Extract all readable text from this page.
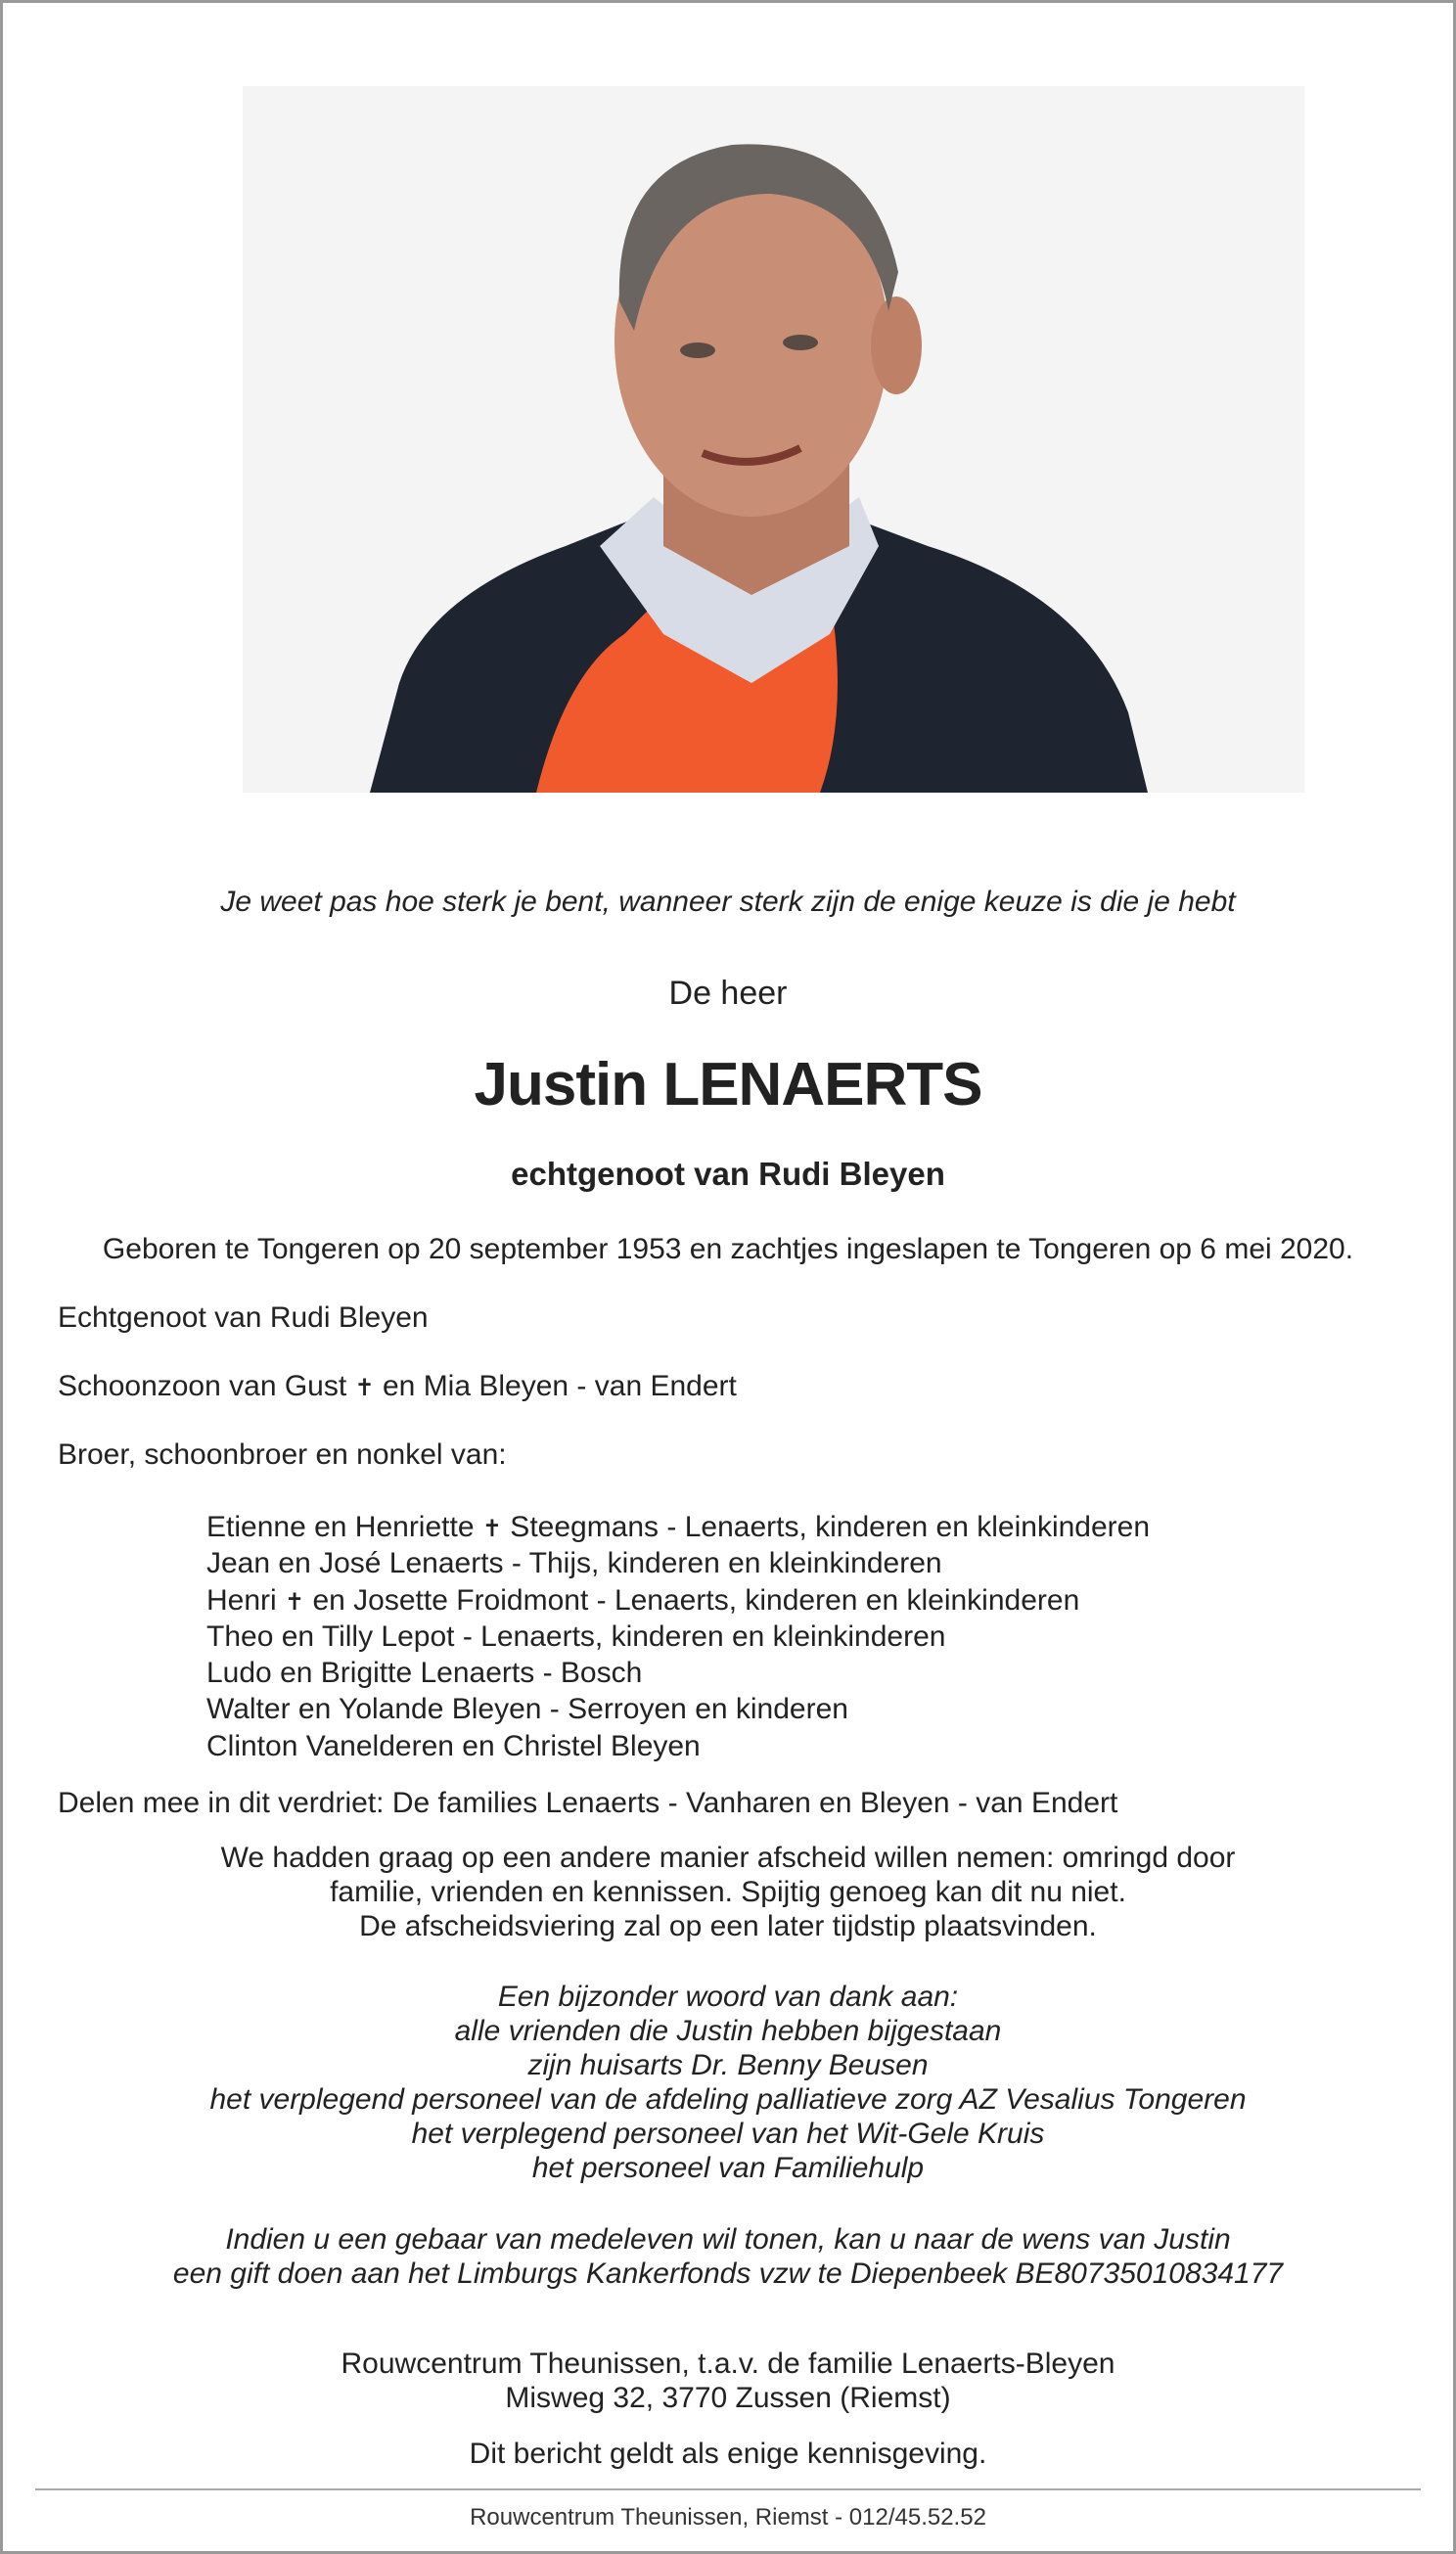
Je weet pas hoe sterk je bent, wanneer sterk zijn de enige keuze is die je hebt
De heer
Justin LENAERTS
echtgenoot van Rudi Bleyen
Geboren te Tongeren op 20 september 1953 en zachtjes ingeslapen te Tongeren op 6 mei 2020.
Echtgenoot van Rudi Bleyen
Schoonzoon van Gust ✝ en Mia Bleyen - van Endert
Broer, schoonbroer en nonkel van:
Etienne en Henriette ✝ Steegmans - Lenaerts, kinderen en kleinkinderen
Jean en José Lenaerts - Thijs, kinderen en kleinkinderen
Henri ✝ en Josette Froidmont - Lenaerts, kinderen en kleinkinderen
Theo en Tilly Lepot - Lenaerts, kinderen en kleinkinderen
Ludo en Brigitte Lenaerts - Bosch
Walter en Yolande Bleyen - Serroyen en kinderen
Clinton Vanelderen en Christel Bleyen
Delen mee in dit verdriet: De families Lenaerts - Vanharen en Bleyen - van Endert
We hadden graag op een andere manier afscheid willen nemen: omringd door
familie, vrienden en kennissen. Spijtig genoeg kan dit nu niet.
De afscheidsviering zal op een later tijdstip plaatsvinden.
Een bijzonder woord van dank aan:
alle vrienden die Justin hebben bijgestaan
zijn huisarts Dr. Benny Beusen
het verplegend personeel van de afdeling palliatieve zorg AZ Vesalius Tongeren
het verplegend personeel van het Wit-Gele Kruis
het personeel van Familiehulp
Indien u een gebaar van medeleven wil tonen, kan u naar de wens van Justin
een gift doen aan het Limburgs Kankerfonds vzw te Diepenbeek BE80735010834177
Rouwcentrum Theunissen, t.a.v. de familie Lenaerts-Bleyen
Misweg 32, 3770 Zussen (Riemst)
Dit bericht geldt als enige kennisgeving.
Rouwcentrum Theunissen, Riemst - 012/45.52.52
